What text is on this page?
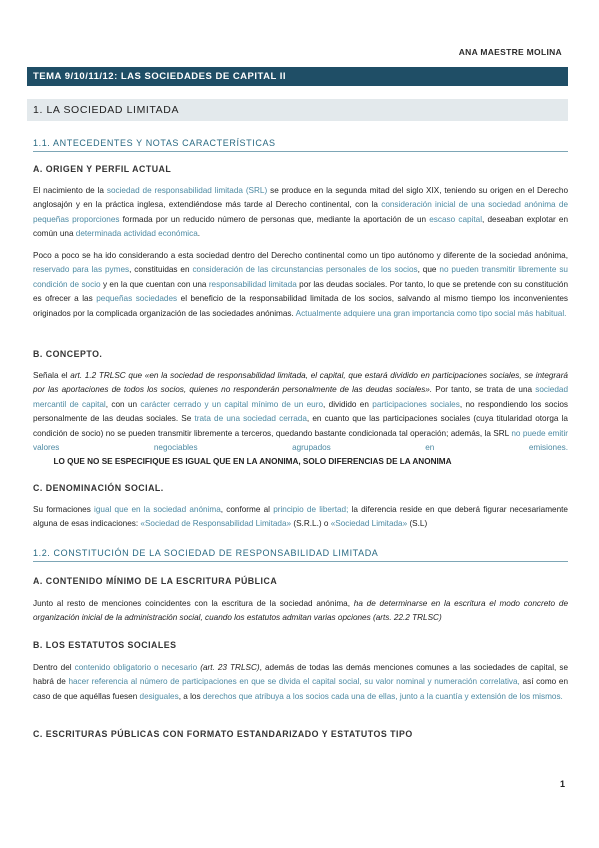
ANA MAESTRE MOLINA
TEMA 9/10/11/12: LAS SOCIEDADES DE CAPITAL II
1. LA SOCIEDAD LIMITADA
1.1. ANTECEDENTES Y NOTAS CARACTERÍSTICAS
A. ORIGEN Y PERFIL ACTUAL
El nacimiento de la sociedad de responsabilidad limitada (SRL) se produce en la segunda mitad del siglo XIX, teniendo su origen en el Derecho anglosajón y en la práctica inglesa, extendiéndose más tarde al Derecho continental, con la consideración inicial de una sociedad anónima de pequeñas proporciones formada por un reducido número de personas que, mediante la aportación de un escaso capital, deseaban explotar en común una determinada actividad económica.
Poco a poco se ha ido considerando a esta sociedad dentro del Derecho continental como un tipo autónomo y diferente de la sociedad anónima, reservado para las pymes, constituidas en consideración de las circunstancias personales de los socios, que no pueden transmitir libremente su condición de socio y en la que cuentan con una responsabilidad limitada por las deudas sociales. Por tanto, lo que se pretende con su constitución es ofrecer a las pequeñas sociedades el beneficio de la responsabilidad limitada de los socios, salvando al mismo tiempo los inconvenientes originados por la complicada organización de las sociedades anónimas. Actualmente adquiere una gran importancia como tipo social más habitual.
B. CONCEPTO.
Señala el art. 1.2 TRLSC que «en la sociedad de responsabilidad limitada, el capital, que estará dividido en participaciones sociales, se integrará por las aportaciones de todos los socios, quienes no responderán personalmente de las deudas sociales». Por tanto, se trata de una sociedad mercantil de capital, con un carácter cerrado y un capital mínimo de un euro, dividido en participaciones sociales, no respondiendo los socios personalmente de las deudas sociales. Se trata de una sociedad cerrada, en cuanto que las participaciones sociales (cuya titularidad otorga la condición de socio) no se pueden transmitir libremente a terceros, quedando bastante condicionada tal operación; además, la SRL no puede emitir valores negociables agrupados en emisiones.         LO QUE NO SE ESPECIFIQUE ES IGUAL QUE EN LA ANONIMA, SOLO DIFERENCIAS DE LA ANONIMA
C. DENOMINACIÓN SOCIAL.
Su formaciones igual que en la sociedad anónima, conforme al principio de libertad; la diferencia reside en que deberá figurar necesariamente alguna de esas indicaciones: «Sociedad de Responsabilidad Limitada» (S.R.L.) o «Sociedad Limitada» (S.L)
1.2. CONSTITUCIÓN DE LA SOCIEDAD DE RESPONSABILIDAD LIMITADA
A. CONTENIDO MÍNIMO DE LA ESCRITURA PÚBLICA
Junto al resto de menciones coincidentes con la escritura de la sociedad anónima, ha de determinarse en la escritura el modo concreto de organización inicial de la administración social, cuando los estatutos admitan varias opciones (arts. 22.2 TRLSC)
B. LOS ESTATUTOS SOCIALES
Dentro del contenido obligatorio o necesario (art. 23 TRLSC), además de todas las demás menciones comunes a las sociedades de capital, se habrá de hacer referencia al número de participaciones en que se divida el capital social, su valor nominal y numeración correlativa, así como en caso de que aquéllas fuesen desiguales, a los derechos que atribuya a los socios cada una de ellas, junto a la cuantía y extensión de los mismos.
C. ESCRITURAS PÚBLICAS CON FORMATO ESTANDARIZADO Y ESTATUTOS TIPO
1
